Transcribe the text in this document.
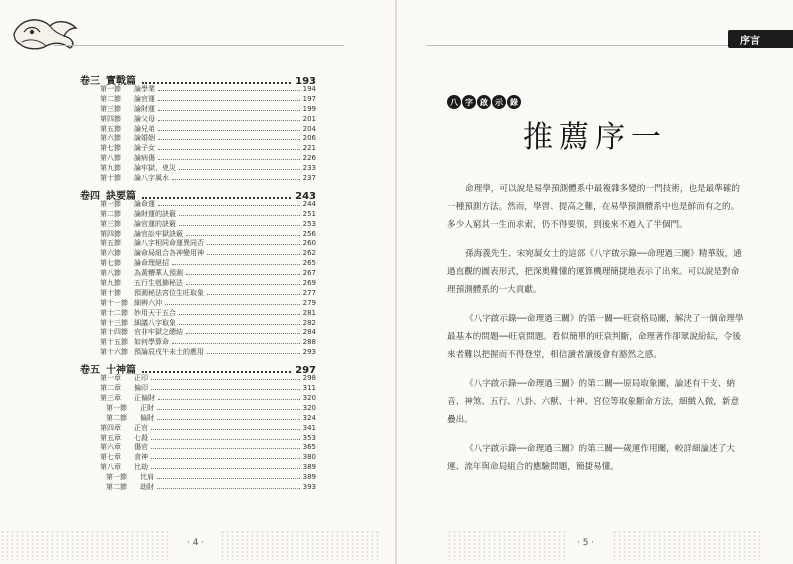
卷三 實戰篇	193
第一節	論學業	194
第二節	論官運	197
第三節	論財運	199
第四節	論父母	201
第五節	論兄弟	204
第六節	論婚姻	206
第七節	論子女	221
第八節	論病傷	226
第九節	論牢獄、兇災	233
第十節	論八字風水	237
卷四 訣要篇	243
第一節	論命運	244
第二節	論財運的訣竅	251
第三節	論官運的訣竅	253
第四節	論官訟牢獄訣竅	256
第五節	論八字相同命運異同否	260
第六節	論命局組合各神變用神	262
第七節	論命理絕招	265
第八節	為黃糟華人預測	267
第九節	五行生剋篩秘法	269
第十節	預測秘法宮位生旺取象	277
第十一節 細辨六沖	279
第十二節 妙用天干五合	281
第十三節 細議八字取象	282
第十四節 官非牢獄之總結	284
第十五節 如何學算命	288
第十六節 預論辰戌午未土的應用	293
卷五 十神篇	297
第一章	正印	298
第二章	偏印	311
第三章	正偏財	320
第一節	正財	320
第二節	偏財	324
第四章	正官	341
第五章	七殺	353
第六章	傷官	365
第七章	食神	380
第八章	比劫	389
第一節	比肩	389
第二節	劫財	393
· 4 ·
序言
八 字 啟 示 錄
推薦序一

命理學，可以說是易學預測體系中最複雜多變的一門技術，也是最準確的一種預測方法。然而，學習、提高之難，在易學預測體系中也是鮮而有之的。多少人窮其一生而求索，仍不得要領，到後來不過入了半個門。

孫海義先生、宋宛凝女士的這部《八字啟示錄──命理過三關》精華版，通過直觀的圖表形式，把深奧難懂的運算機理簡捷地表示了出來。可以說是對命理預測體系的一大貢獻。

《八字啟示錄──命理過三關》的第一關──旺衰格局關，解決了一個命理學最基本的問題──旺衰問題。看似簡單的旺衰判斷，命理著作卻眾說紛紜，令後來者難以把握而不得登堂，相信讀者讀後會有豁然之感。

《八字啟示錄──命理過三關》的第二關──原局取象關，論述有干支、納音、神煞、五行、八卦、六獸、十神、宮位等取象斷命方法，細緻入微，新意疊出。

《八字啟示錄──命理過三關》的第三關──歲運作用關，較詳細論述了大運、流年與命局組合的應驗問題，簡捷易懂。

· 5 ·
